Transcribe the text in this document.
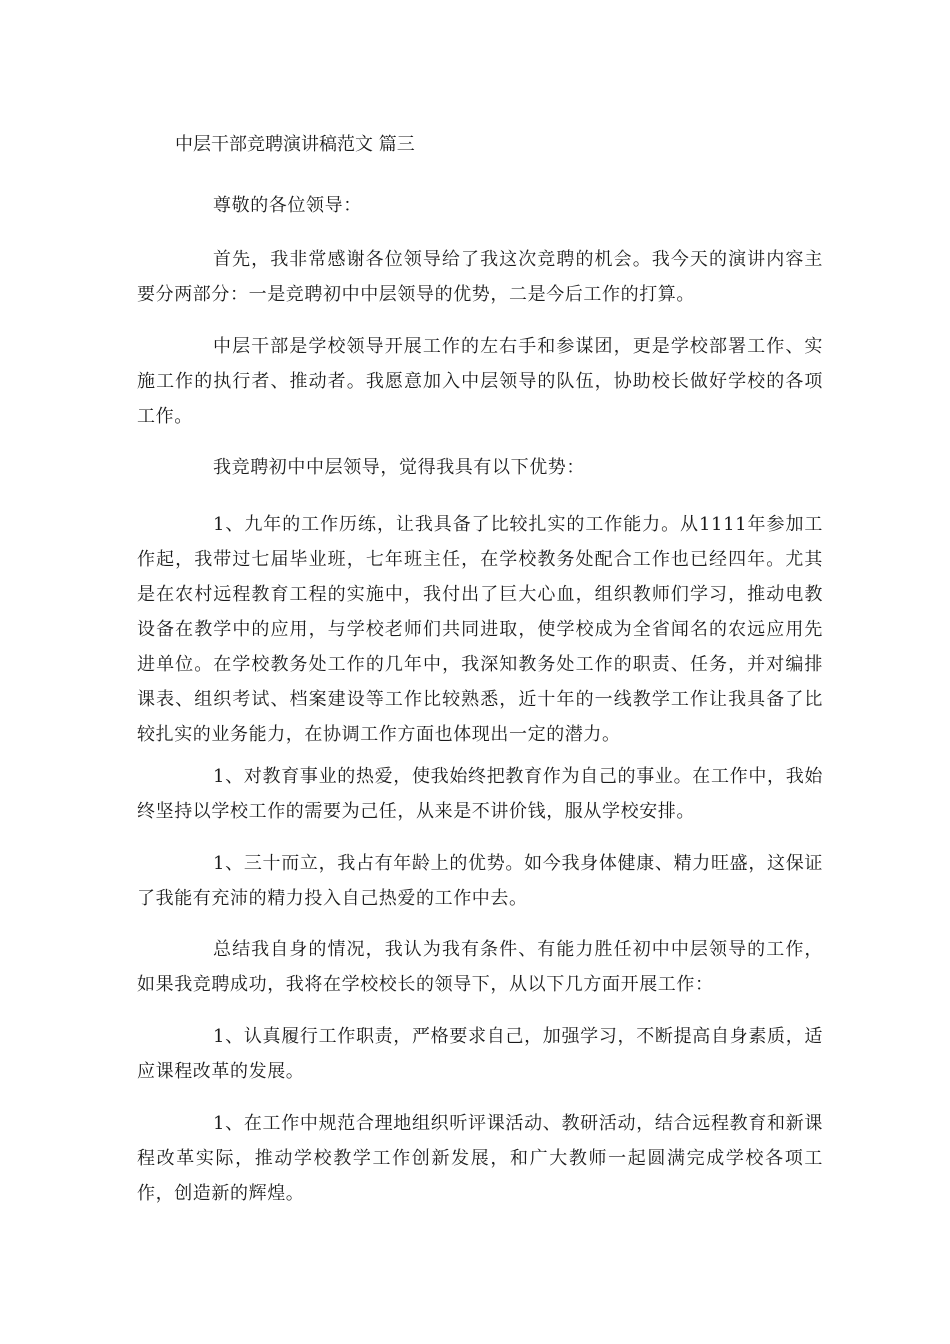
中层干部竞聘演讲稿范文 篇三

尊敬的各位领导：

首先，我非常感谢各位领导给了我这次竞聘的机会。我今天的演讲内容主要分两部分：一是竞聘初中中层领导的优势，二是今后工作的打算。

中层干部是学校领导开展工作的左右手和参谋团，更是学校部署工作、实施工作的执行者、推动者。我愿意加入中层领导的队伍，协助校长做好学校的各项工作。

我竞聘初中中层领导，觉得我具有以下优势：

1、九年的工作历练，让我具备了比较扎实的工作能力。从1111年参加工作起，我带过七届毕业班，七年班主任，在学校教务处配合工作也已经四年。尤其是在农村远程教育工程的实施中，我付出了巨大心血，组织教师们学习，推动电教设备在教学中的应用，与学校老师们共同进取，使学校成为全省闻名的农远应用先进单位。在学校教务处工作的几年中，我深知教务处工作的职责、任务，并对编排课表、组织考试、档案建设等工作比较熟悉，近十年的一线教学工作让我具备了比较扎实的业务能力，在协调工作方面也体现出一定的潜力。

1、对教育事业的热爱，使我始终把教育作为自己的事业。在工作中，我始终坚持以学校工作的需要为己任，从来是不讲价钱，服从学校安排。

1、三十而立，我占有年龄上的优势。如今我身体健康、精力旺盛，这保证了我能有充沛的精力投入自己热爱的工作中去。

总结我自身的情况，我认为我有条件、有能力胜任初中中层领导的工作，如果我竞聘成功，我将在学校校长的领导下，从以下几方面开展工作：

1、认真履行工作职责，严格要求自己，加强学习，不断提高自身素质，适应课程改革的发展。

1、在工作中规范合理地组织听评课活动、教研活动，结合远程教育和新课程改革实际，推动学校教学工作创新发展，和广大教师一起圆满完成学校各项工作，创造新的辉煌。
